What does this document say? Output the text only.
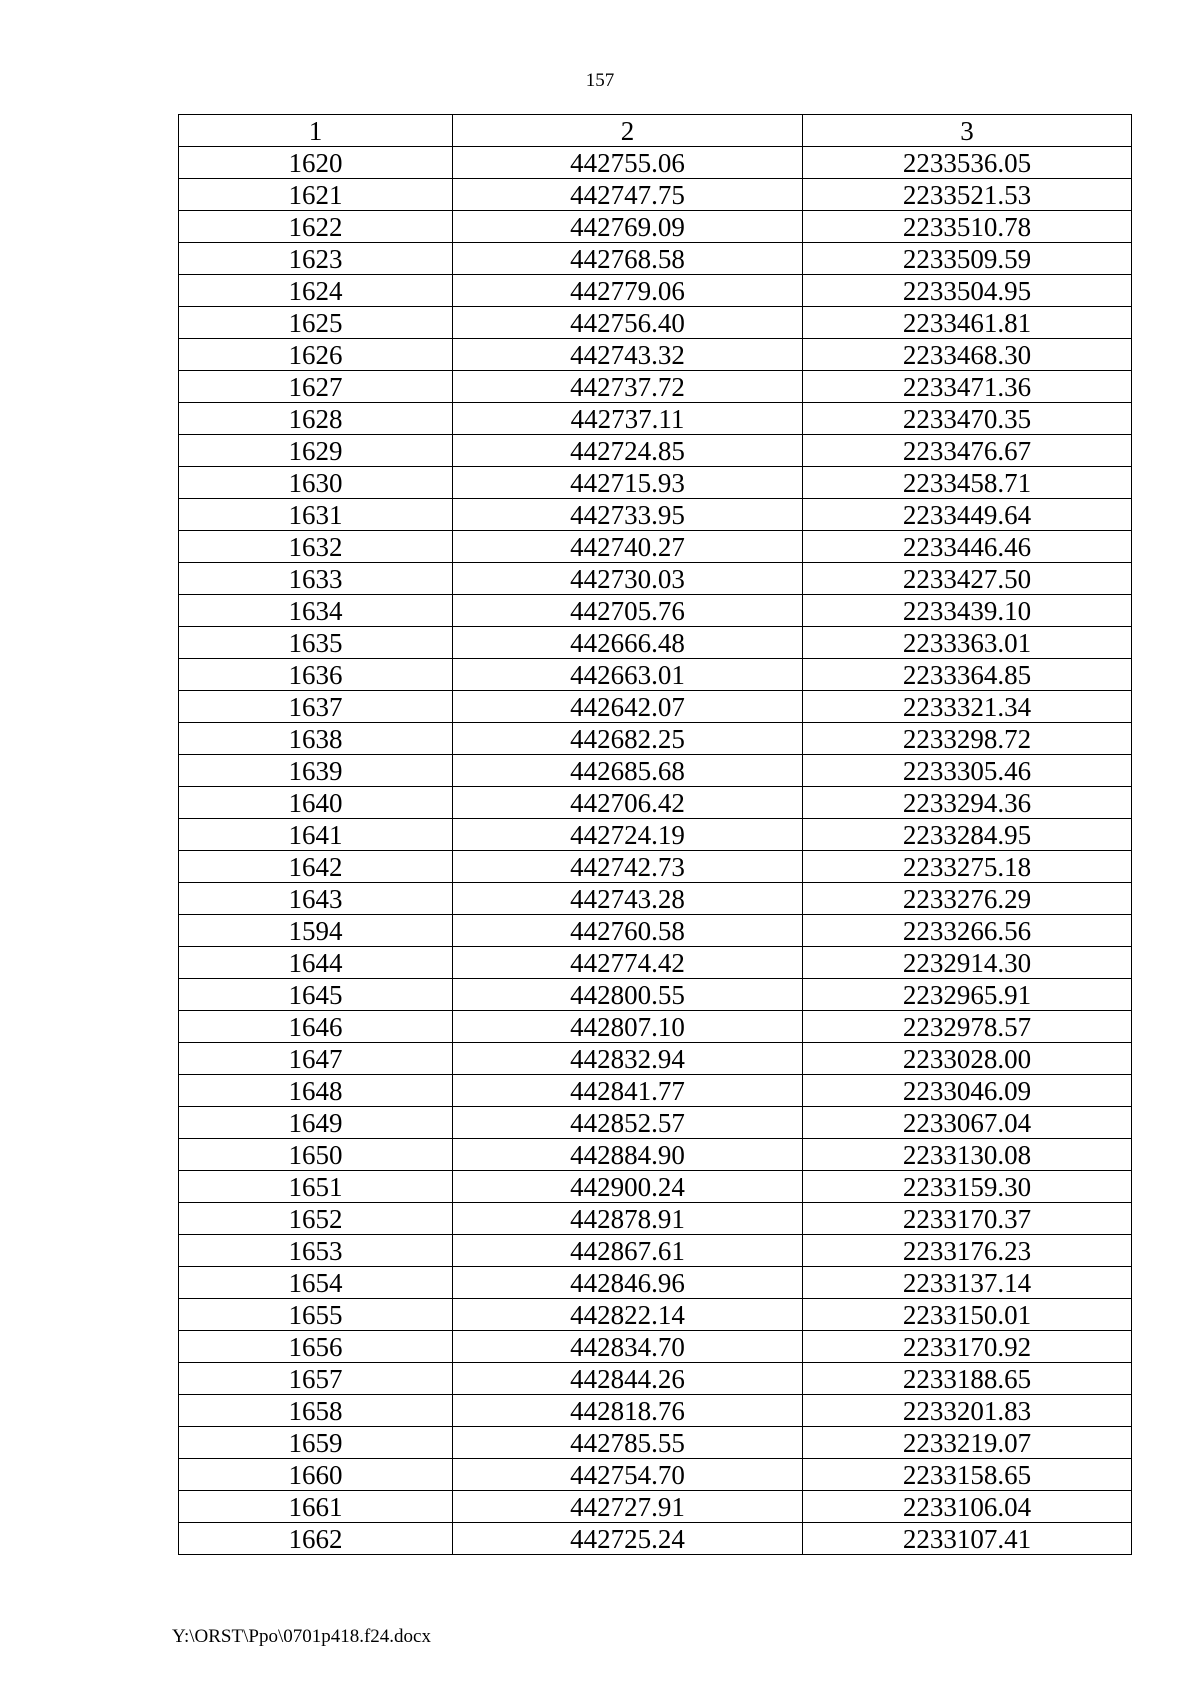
157
1	2	3
1620	442755.06	2233536.05
1621	442747.75	2233521.53
1622	442769.09	2233510.78
1623	442768.58	2233509.59
1624	442779.06	2233504.95
1625	442756.40	2233461.81
1626	442743.32	2233468.30
1627	442737.72	2233471.36
1628	442737.11	2233470.35
1629	442724.85	2233476.67
1630	442715.93	2233458.71
1631	442733.95	2233449.64
1632	442740.27	2233446.46
1633	442730.03	2233427.50
1634	442705.76	2233439.10
1635	442666.48	2233363.01
1636	442663.01	2233364.85
1637	442642.07	2233321.34
1638	442682.25	2233298.72
1639	442685.68	2233305.46
1640	442706.42	2233294.36
1641	442724.19	2233284.95
1642	442742.73	2233275.18
1643	442743.28	2233276.29
1594	442760.58	2233266.56
1644	442774.42	2232914.30
1645	442800.55	2232965.91
1646	442807.10	2232978.57
1647	442832.94	2233028.00
1648	442841.77	2233046.09
1649	442852.57	2233067.04
1650	442884.90	2233130.08
1651	442900.24	2233159.30
1652	442878.91	2233170.37
1653	442867.61	2233176.23
1654	442846.96	2233137.14
1655	442822.14	2233150.01
1656	442834.70	2233170.92
1657	442844.26	2233188.65
1658	442818.76	2233201.83
1659	442785.55	2233219.07
1660	442754.70	2233158.65
1661	442727.91	2233106.04
1662	442725.24	2233107.41
Y:\ORST\Ppo\0701p418.f24.docx
